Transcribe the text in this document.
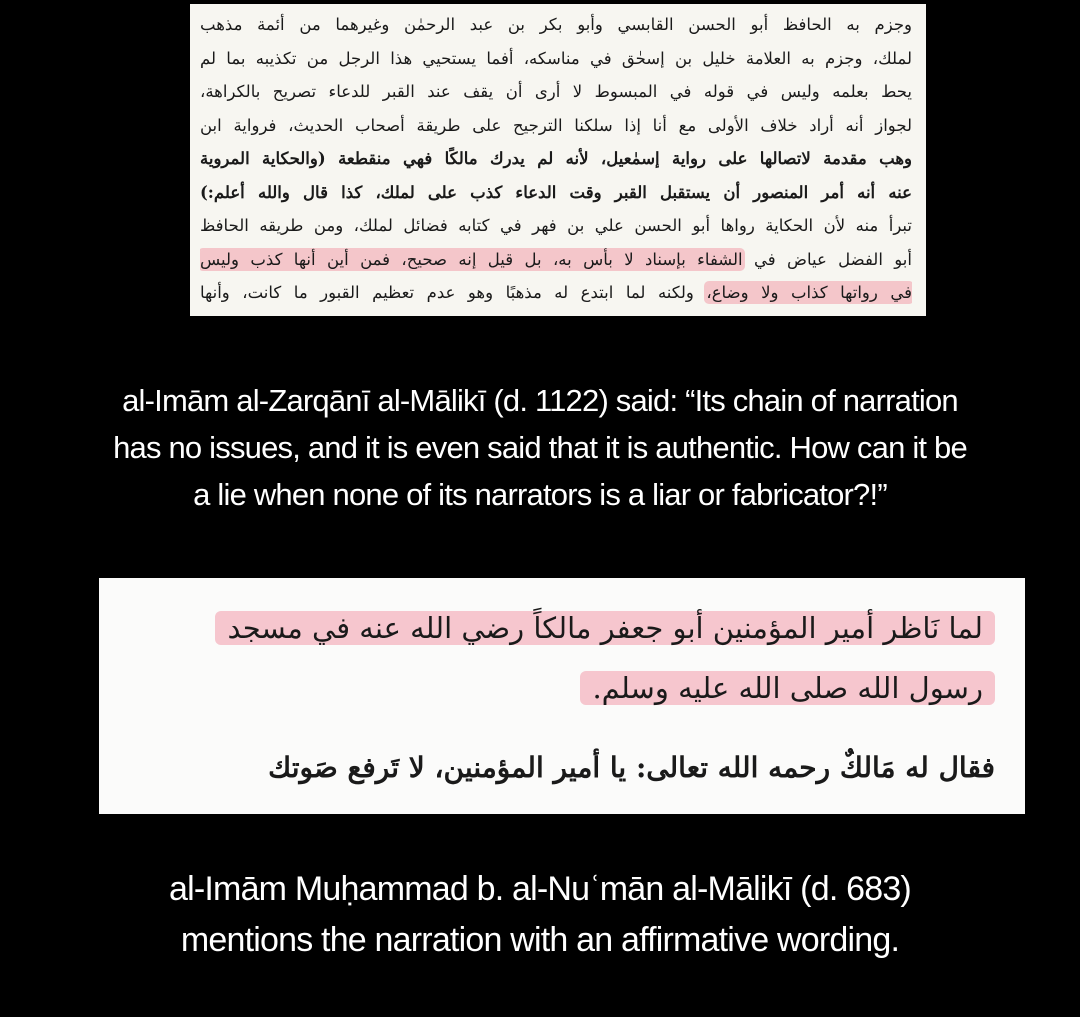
وجزم به الحافظ أبو الحسن القابسي وأبو بكر بن عبد الرحمٰن وغيرهما من أئمة مذهب
لملك، وجزم به العلامة خليل بن إسحٰق في مناسكه، أفما يستحيي هذا الرجل من تكذيبه بما لم
يحط بعلمه وليس في قوله في المبسوط لا أرى أن يقف عند القبر للدعاء تصريح بالكراهة،
لجواز أنه أراد خلاف الأولى مع أنا إذا سلكنا الترجيح على طريقة أصحاب الحديث، فرواية ابن
وهب مقدمة لاتصالها على رواية إسمٰعيل، لأنه لم يدرك مالكًا فهي منقطعة (والحكاية المروية
عنه أنه أمر المنصور أن يستقبل القبر وقت الدعاء كذب على لملك، كذا قال والله أعلم:)
تبرأ منه لأن الحكاية رواها أبو الحسن علي بن فهر في كتابه فضائل لملك، ومن طريقه الحافظ
أبو الفضل عياض في الشفاء بإسناد لا بأس به، بل قيل إنه صحيح، فمن أين أنها كذب وليس
في رواتها كذاب ولا وضاع، ولكنه لما ابتدع له مذهبًا وهو عدم تعظيم القبور ما كانت، وأنها
al-Imām al-Zarqānī al-Mālikī (d. 1122) said: “Its chain of narration
has no issues, and it is even said that it is authentic. How can it be
a lie when none of its narrators is a liar or fabricator?!”
لما نَاظر أمير المؤمنين أبو جعفر مالكاً رضي الله عنه في مسجد
رسول الله صلى الله عليه وسلم.
فقال له مَالكٌ رحمه الله تعالى: يا أمير المؤمنين، لا تَرفع صَوتك
al-Imām Muḥammad b. al-Nuʿmān al-Mālikī (d. 683)
mentions the narration with an affirmative wording.
